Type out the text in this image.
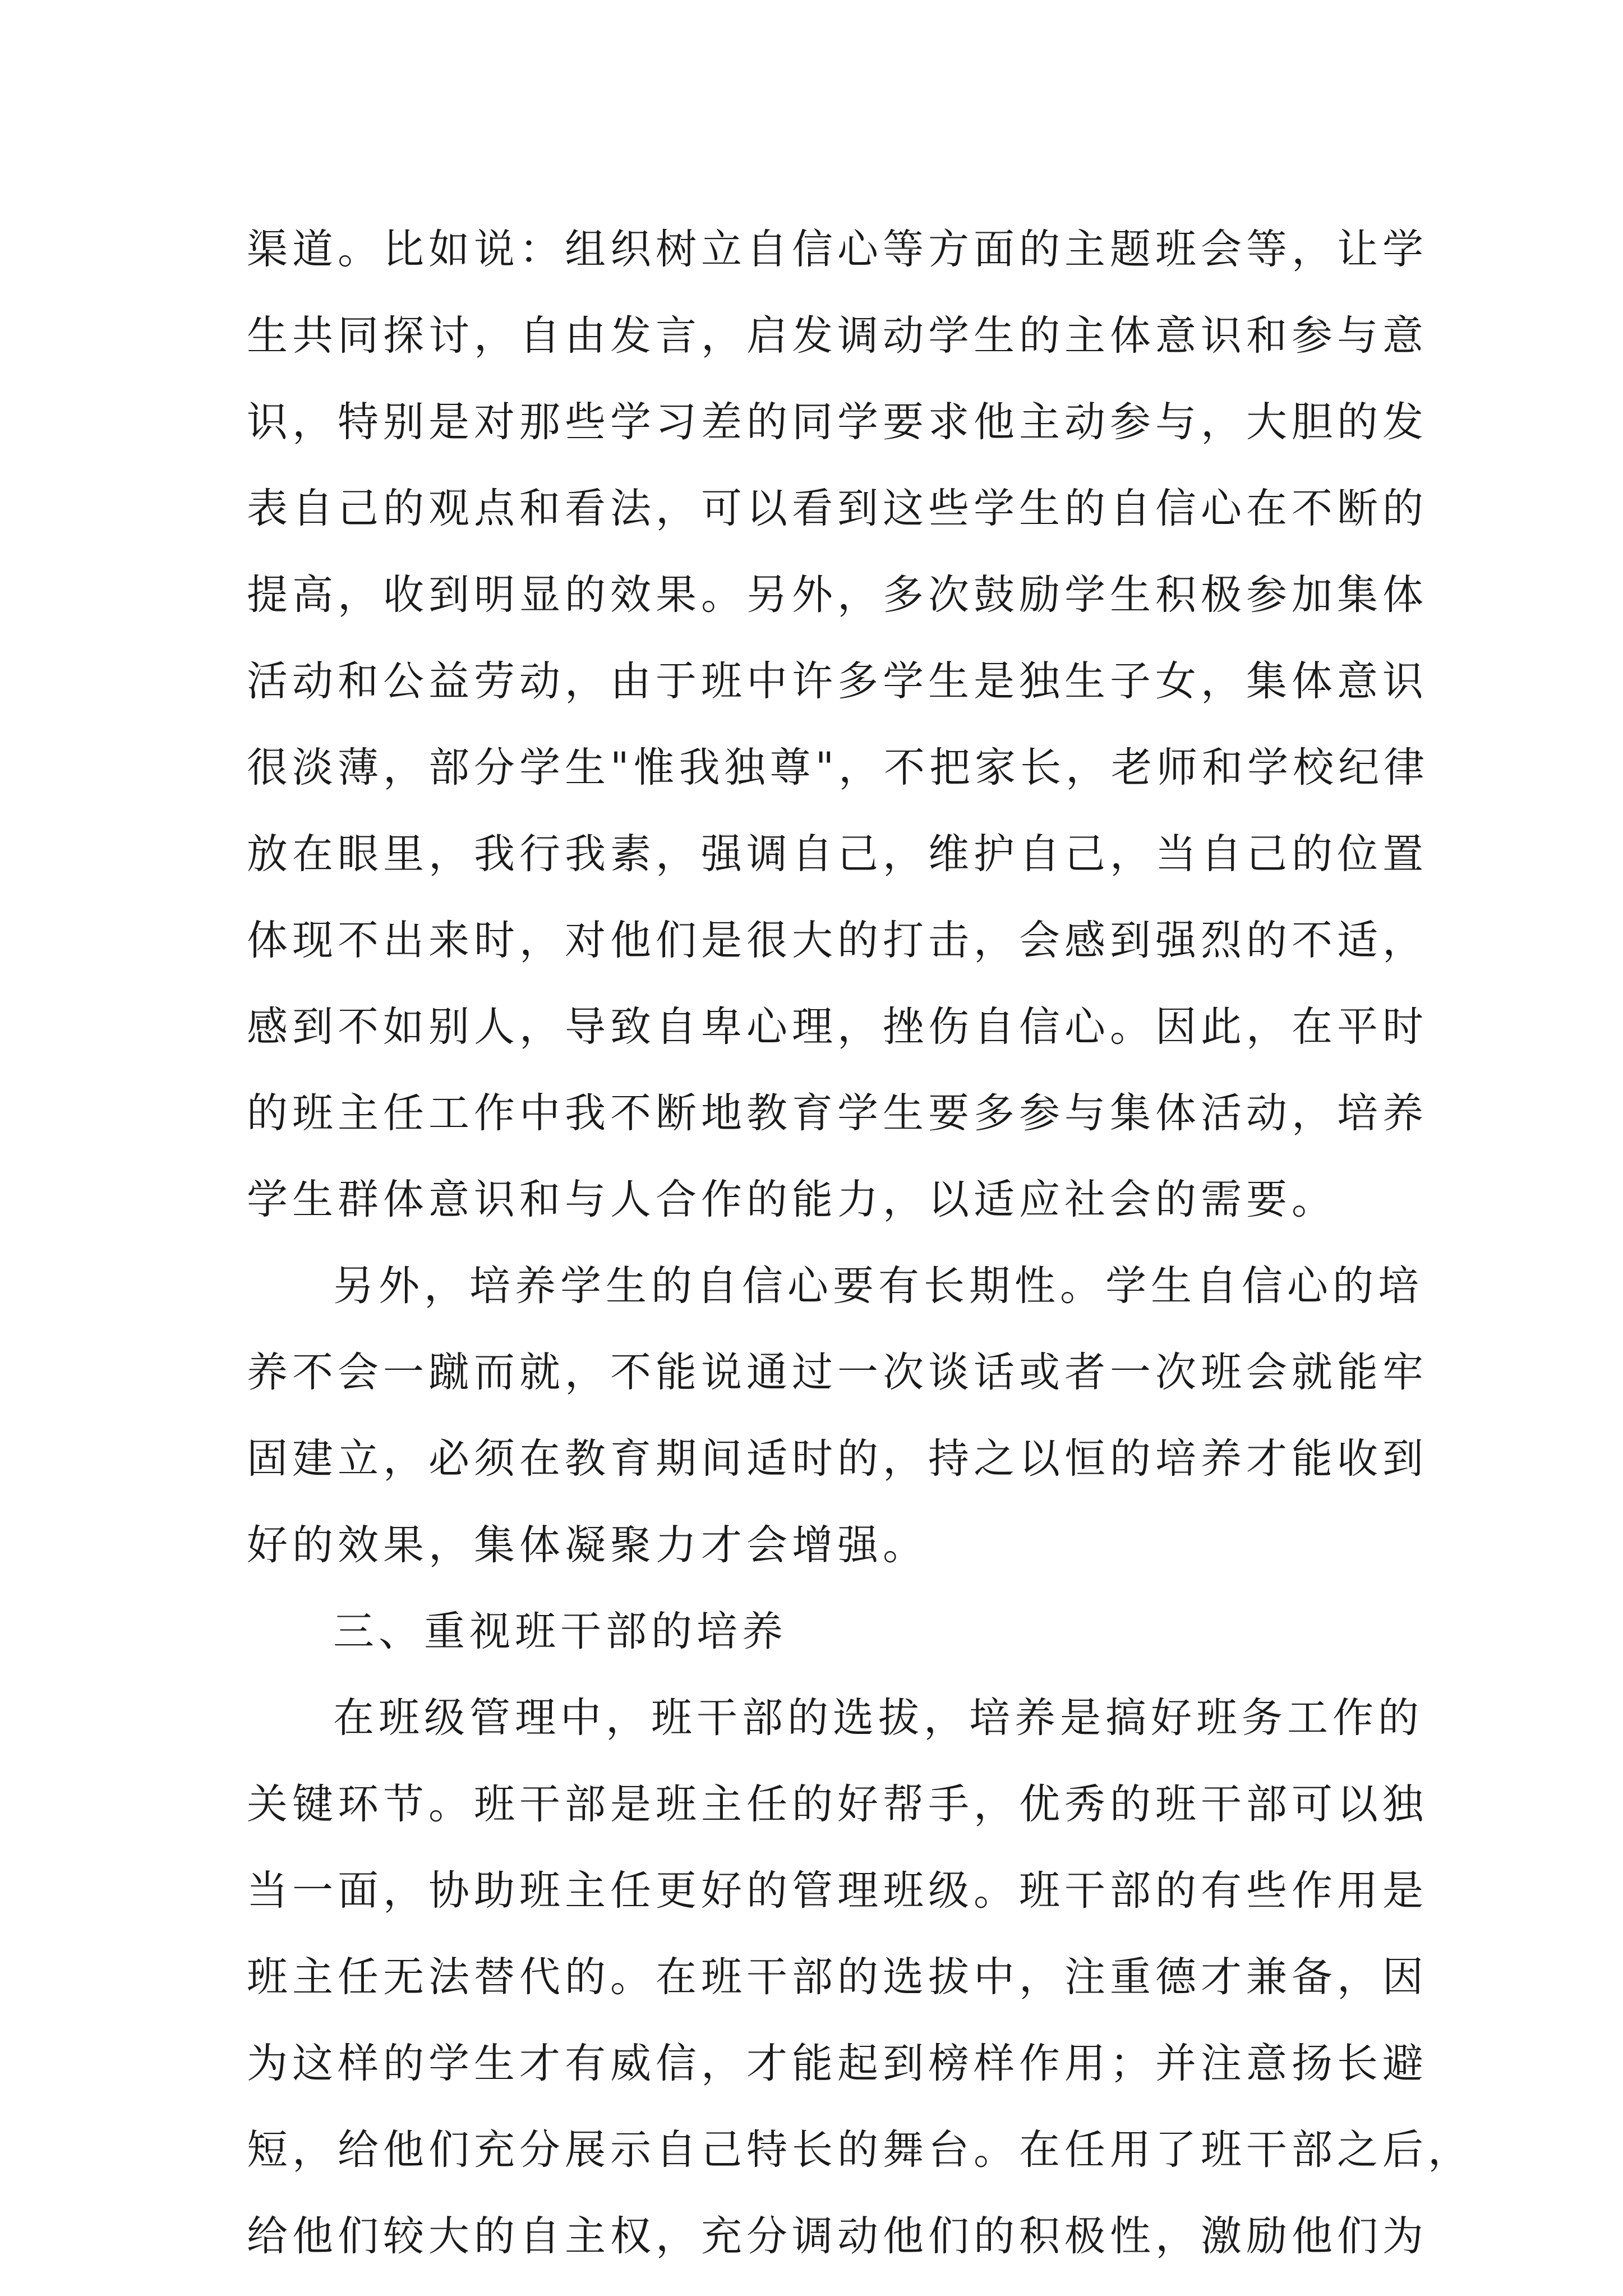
渠道。比如说：组织树立自信心等方面的主题班会等，让学
生共同探讨，自由发言，启发调动学生的主体意识和参与意
识，特别是对那些学习差的同学要求他主动参与，大胆的发
表自己的观点和看法，可以看到这些学生的自信心在不断的
提高，收到明显的效果。另外，多次鼓励学生积极参加集体
活动和公益劳动，由于班中许多学生是独生子女，集体意识
很淡薄，部分学生"惟我独尊"，不把家长，老师和学校纪律
放在眼里，我行我素，强调自己，维护自己，当自己的位置
体现不出来时，对他们是很大的打击，会感到强烈的不适，
感到不如别人，导致自卑心理，挫伤自信心。因此，在平时
的班主任工作中我不断地教育学生要多参与集体活动，培养
学生群体意识和与人合作的能力，以适应社会的需要。
另外，培养学生的自信心要有长期性。学生自信心的培
养不会一蹴而就，不能说通过一次谈话或者一次班会就能牢
固建立，必须在教育期间适时的，持之以恒的培养才能收到
好的效果，集体凝聚力才会增强。
三、重视班干部的培养
在班级管理中，班干部的选拔，培养是搞好班务工作的
关键环节。班干部是班主任的好帮手，优秀的班干部可以独
当一面，协助班主任更好的管理班级。班干部的有些作用是
班主任无法替代的。在班干部的选拔中，注重德才兼备，因
为这样的学生才有威信，才能起到榜样作用；并注意扬长避
短，给他们充分展示自己特长的舞台。在任用了班干部之后，
给他们较大的自主权，充分调动他们的积极性，激励他们为
